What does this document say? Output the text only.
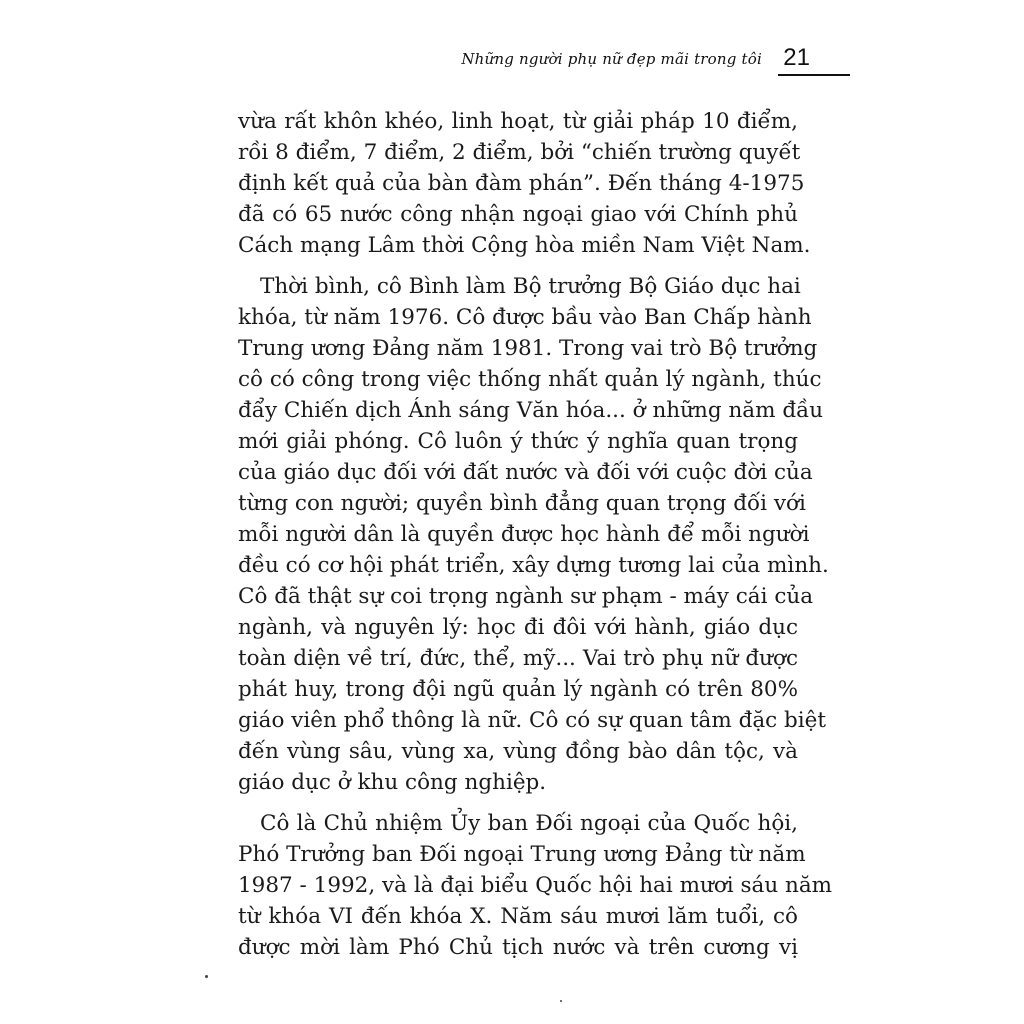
Những người phụ nữ đẹp mãi trong tôi 21
vừa rất khôn khéo, linh hoạt, từ giải pháp 10 điểm,
rồi 8 điểm, 7 điểm, 2 điểm, bởi “chiến trường quyết
định kết quả của bàn đàm phán”. Đến tháng 4-1975
đã có 65 nước công nhận ngoại giao với Chính phủ
Cách mạng Lâm thời Cộng hòa miền Nam Việt Nam.
Thời bình, cô Bình làm Bộ trưởng Bộ Giáo dục hai
khóa, từ năm 1976. Cô được bầu vào Ban Chấp hành
Trung ương Đảng năm 1981. Trong vai trò Bộ trưởng
cô có công trong việc thống nhất quản lý ngành, thúc
đẩy Chiến dịch Ánh sáng Văn hóa... ở những năm đầu
mới giải phóng. Cô luôn ý thức ý nghĩa quan trọng
của giáo dục đối với đất nước và đối với cuộc đời của
từng con người; quyền bình đẳng quan trọng đối với
mỗi người dân là quyền được học hành để mỗi người
đều có cơ hội phát triển, xây dựng tương lai của mình.
Cô đã thật sự coi trọng ngành sư phạm - máy cái của
ngành, và nguyên lý: học đi đôi với hành, giáo dục
toàn diện về trí, đức, thể, mỹ... Vai trò phụ nữ được
phát huy, trong đội ngũ quản lý ngành có trên 80%
giáo viên phổ thông là nữ. Cô có sự quan tâm đặc biệt
đến vùng sâu, vùng xa, vùng đồng bào dân tộc, và
giáo dục ở khu công nghiệp.
Cô là Chủ nhiệm Ủy ban Đối ngoại của Quốc hội,
Phó Trưởng ban Đối ngoại Trung ương Đảng từ năm
1987 - 1992, và là đại biểu Quốc hội hai mươi sáu năm
từ khóa VI đến khóa X. Năm sáu mươi lăm tuổi, cô
được mời làm Phó Chủ tịch nước và trên cương vị
